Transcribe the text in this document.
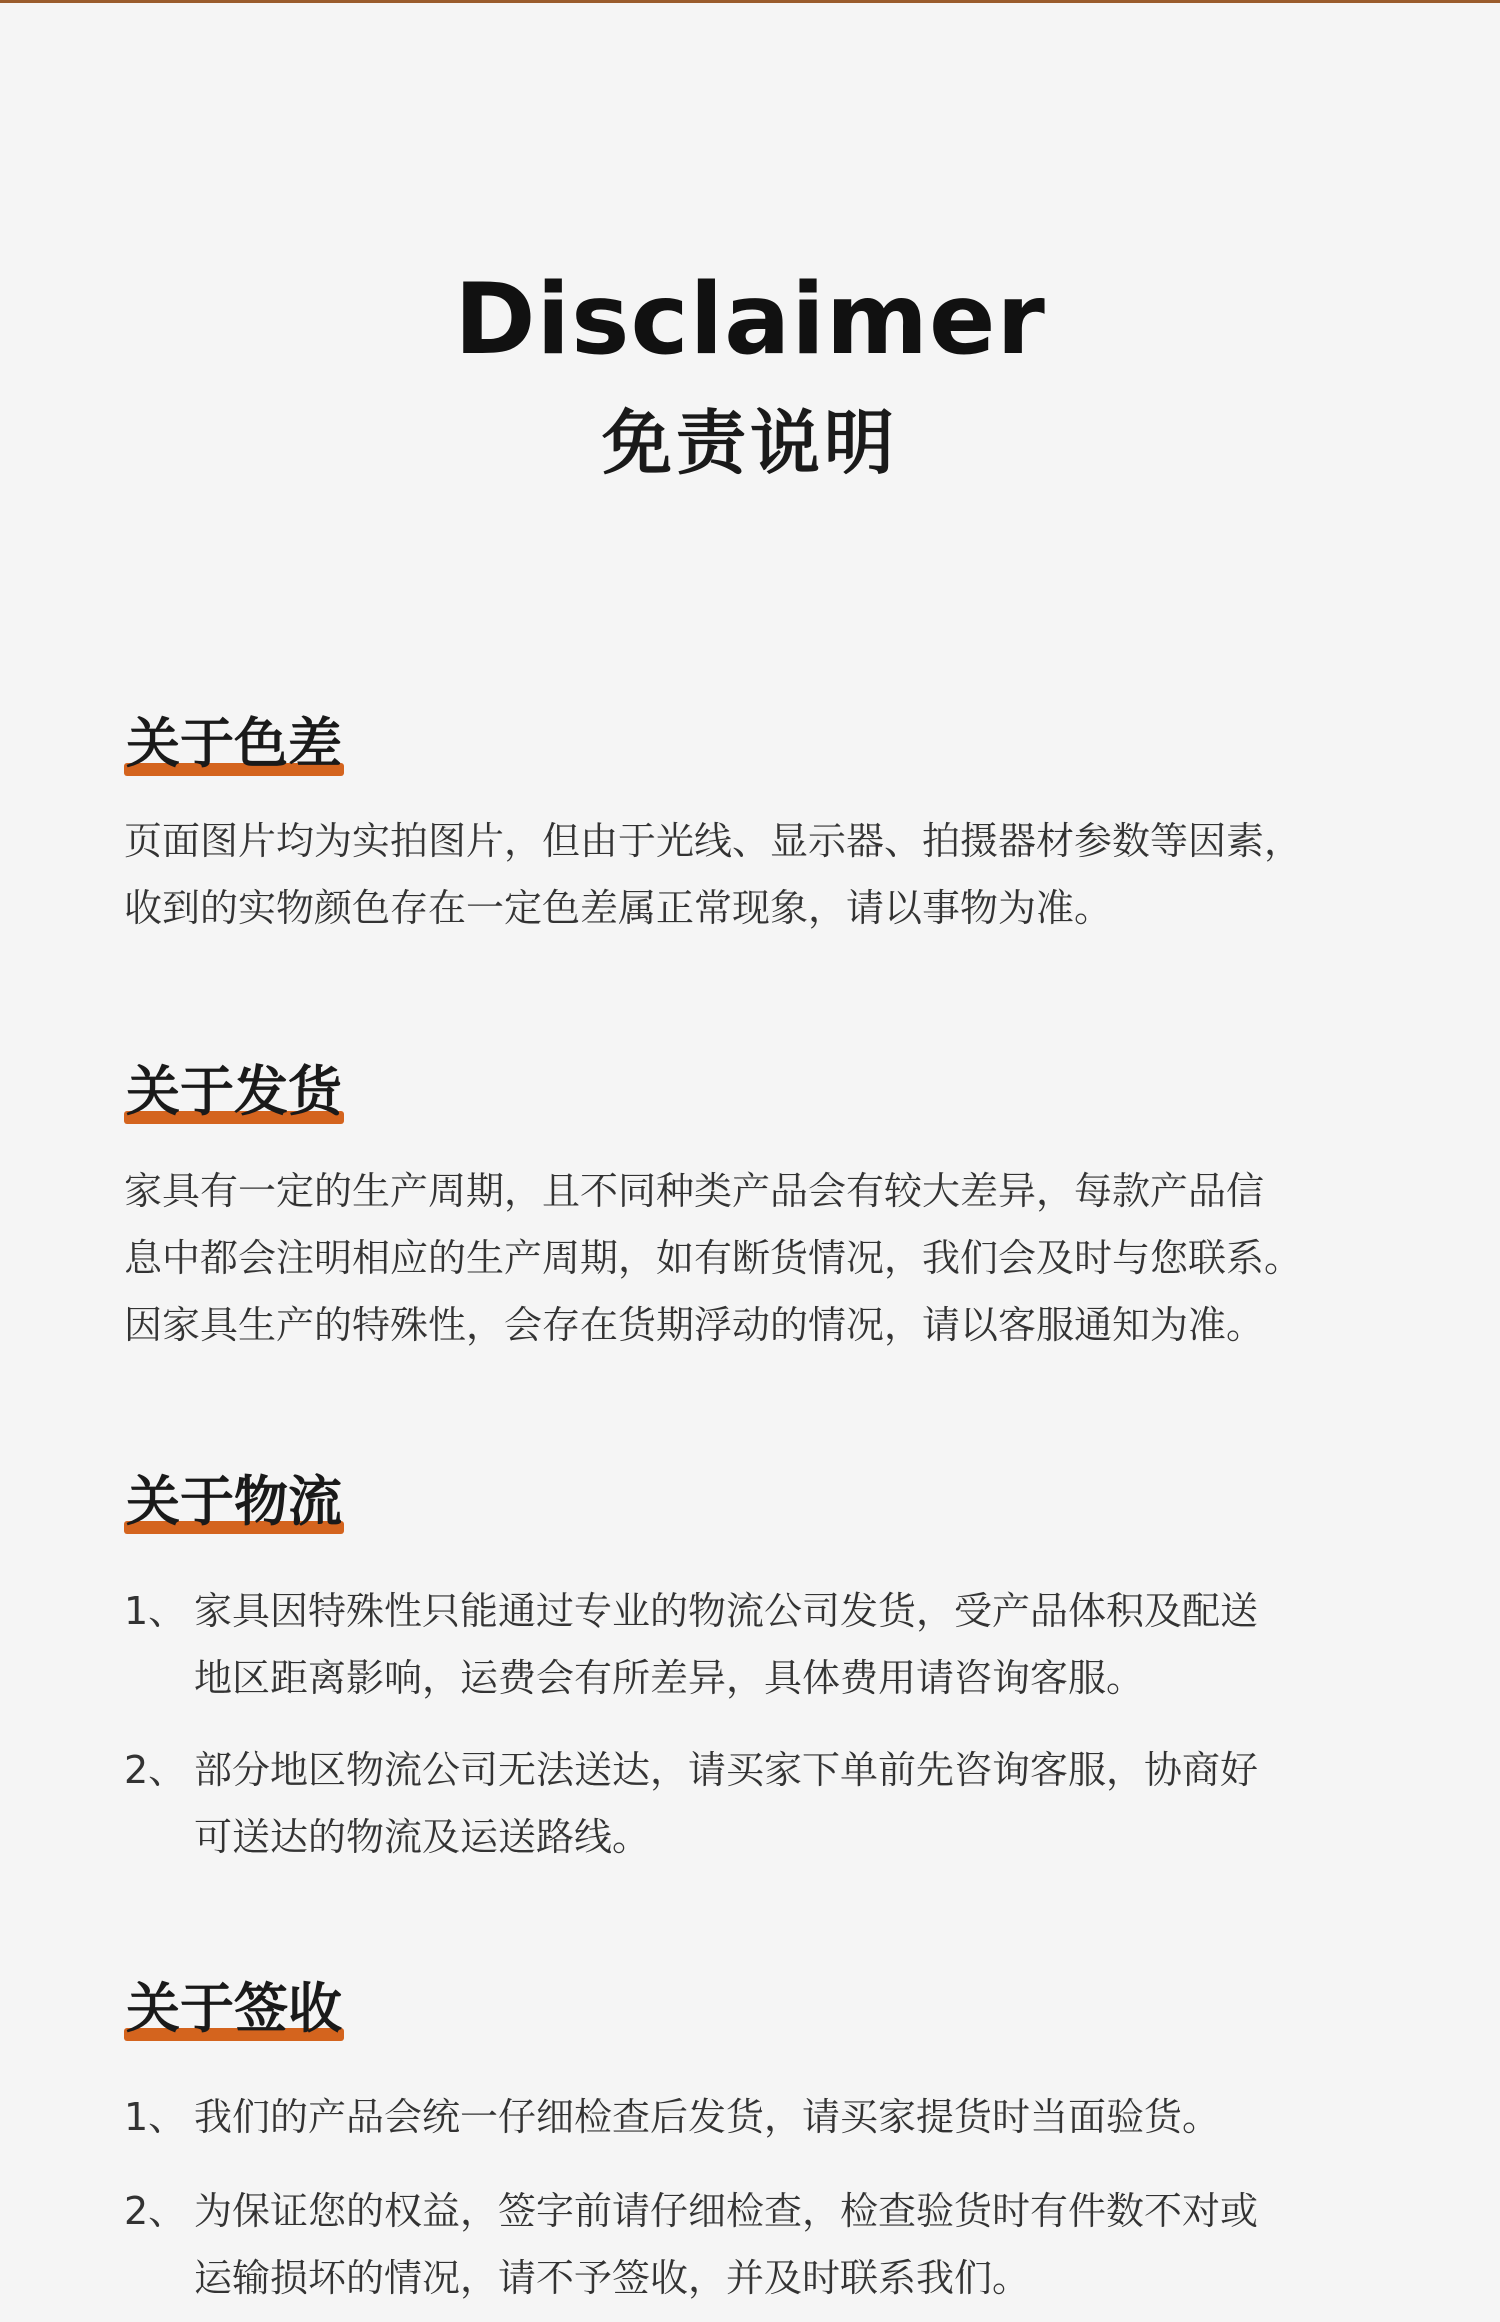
Disclaimer
免责说明
关于色差

页面图片均为实拍图片，但由于光线、显示器、拍摄器材参数等因素，
收到的实物颜色存在一定色差属正常现象，请以事物为准。

关于发货

家具有一定的生产周期，且不同种类产品会有较大差异，每款产品信
息中都会注明相应的生产周期，如有断货情况，我们会及时与您联系。
因家具生产的特殊性，会存在货期浮动的情况，请以客服通知为准。

关于物流

1、 家具因特殊性只能通过专业的物流公司发货，受产品体积及配送
地区距离影响，运费会有所差异，具体费用请咨询客服。

2、 部分地区物流公司无法送达，请买家下单前先咨询客服，协商好
可送达的物流及运送路线。

关于签收

1、 我们的产品会统一仔细检查后发货，请买家提货时当面验货。

2、 为保证您的权益，签字前请仔细检查，检查验货时有件数不对或
运输损坏的情况，请不予签收，并及时联系我们。
